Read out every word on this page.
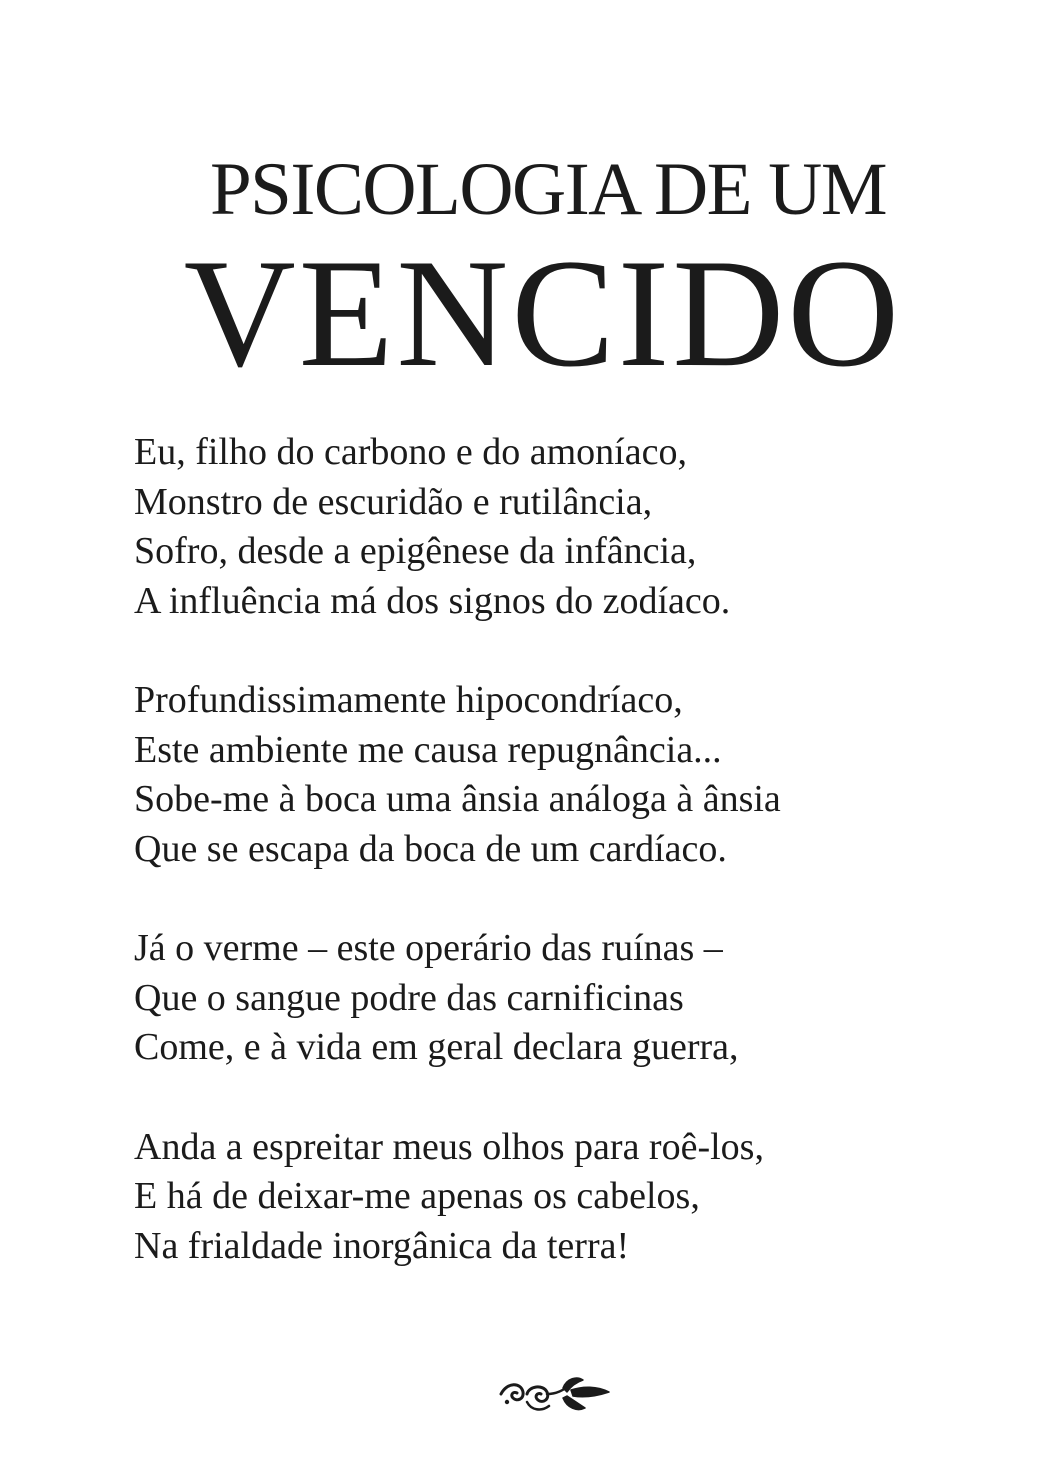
PSICOLOGIA DE UM
VENCIDO
Eu, filho do carbono e do amoníaco,
Monstro de escuridão e rutilância,
Sofro, desde a epigênese da infância,
A influência má dos signos do zodíaco.
Profundissimamente hipocondríaco,
Este ambiente me causa repugnância...
Sobe-me à boca uma ânsia análoga à ânsia
Que se escapa da boca de um cardíaco.
Já o verme – este operário das ruínas –
Que o sangue podre das carnificinas
Come, e à vida em geral declara guerra,
Anda a espreitar meus olhos para roê-los,
E há de deixar-me apenas os cabelos,
Na frialdade inorgânica da terra!
